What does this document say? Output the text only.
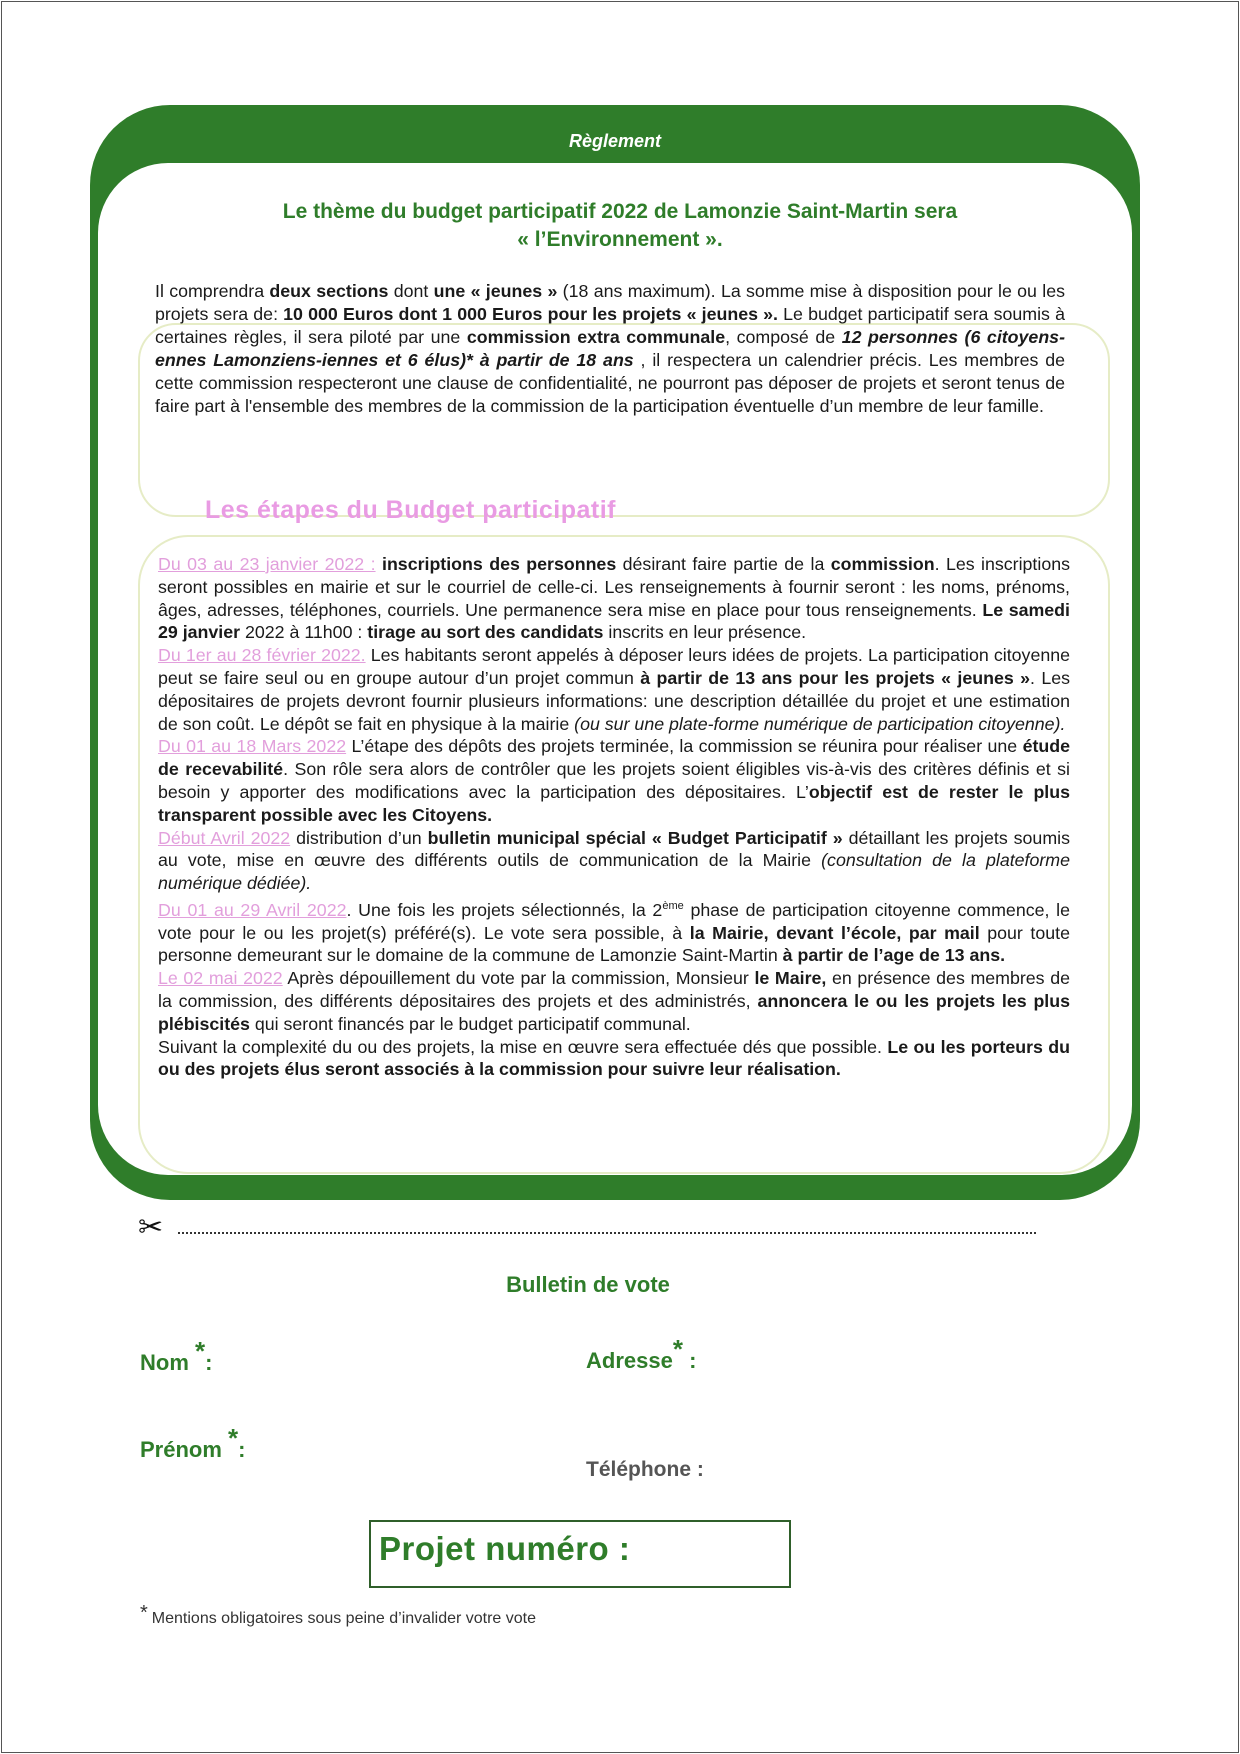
Règlement
Le thème du budget participatif 2022 de Lamonzie Saint-Martin sera
« l’Environnement ».
Il comprendra deux sections dont une « jeunes » (18 ans maximum). La somme mise à disposition pour le ou les projets sera de: 10 000 Euros dont 1 000 Euros pour les projets « jeunes ». Le budget participatif sera soumis à certaines règles, il sera piloté par une commission extra communale, composé de 12 personnes (6 citoyens-ennes Lamonziens-iennes et 6 élus)* à partir de 18 ans , il respectera un calendrier précis. Les membres de cette commission respecteront une clause de confidentialité, ne pourront pas déposer de projets et seront tenus de faire part à l'ensemble des membres de la commission de la participation éventuelle d’un membre de leur famille.
Les étapes du Budget participatif
Du 03 au 23 janvier 2022 : inscriptions des personnes désirant faire partie de la commission. Les inscriptions seront possibles en mairie et sur le courriel de celle-ci. Les renseignements à fournir seront : les noms, prénoms, âges, adresses, téléphones, courriels. Une permanence sera mise en place pour tous renseignements. Le samedi 29 janvier 2022 à 11h00 : tirage au sort des candidats inscrits en leur présence.
Du 1er au 28 février 2022. Les habitants seront appelés à déposer leurs idées de projets. La participation citoyenne peut se faire seul ou en groupe autour d’un projet commun à partir de 13 ans pour les projets « jeunes ». Les dépositaires de projets devront fournir plusieurs informations: une description détaillée du projet et une estimation de son coût. Le dépôt se fait en physique à la mairie (ou sur une plate-forme numérique de participation citoyenne).
Du 01 au 18 Mars 2022 L’étape des dépôts des projets terminée, la commission se réunira pour réaliser une étude de recevabilité. Son rôle sera alors de contrôler que les projets soient éligibles vis-à-vis des critères définis et si besoin y apporter des modifications avec la participation des dépositaires. L’objectif est de rester le plus transparent possible avec les Citoyens.
Début Avril 2022 distribution d’un bulletin municipal spécial « Budget Participatif » détaillant les projets soumis au vote, mise en œuvre des différents outils de communication de la Mairie (consultation de la plateforme numérique dédiée).
Du 01 au 29 Avril 2022. Une fois les projets sélectionnés, la 2ème phase de participation citoyenne commence, le vote pour le ou les projet(s) préféré(s). Le vote sera possible, à la Mairie, devant l’école, par mail pour toute personne demeurant sur le domaine de la commune de Lamonzie Saint-Martin à partir de l’age de 13 ans.
Le 02 mai 2022 Après dépouillement du vote par la commission, Monsieur le Maire, en présence des membres de la commission, des différents dépositaires des projets et des administrés, annoncera le ou les projets les plus plébiscités qui seront financés par le budget participatif communal.
Suivant la complexité du ou des projets, la mise en œuvre sera effectuée dés que possible. Le ou les porteurs du ou des projets élus seront associés à la commission pour suivre leur réalisation.
✂
Bulletin de vote
Nom *:	Adresse* :
Prénom *:
Téléphone :
Projet numéro :
* Mentions obligatoires sous peine d’invalider votre vote
